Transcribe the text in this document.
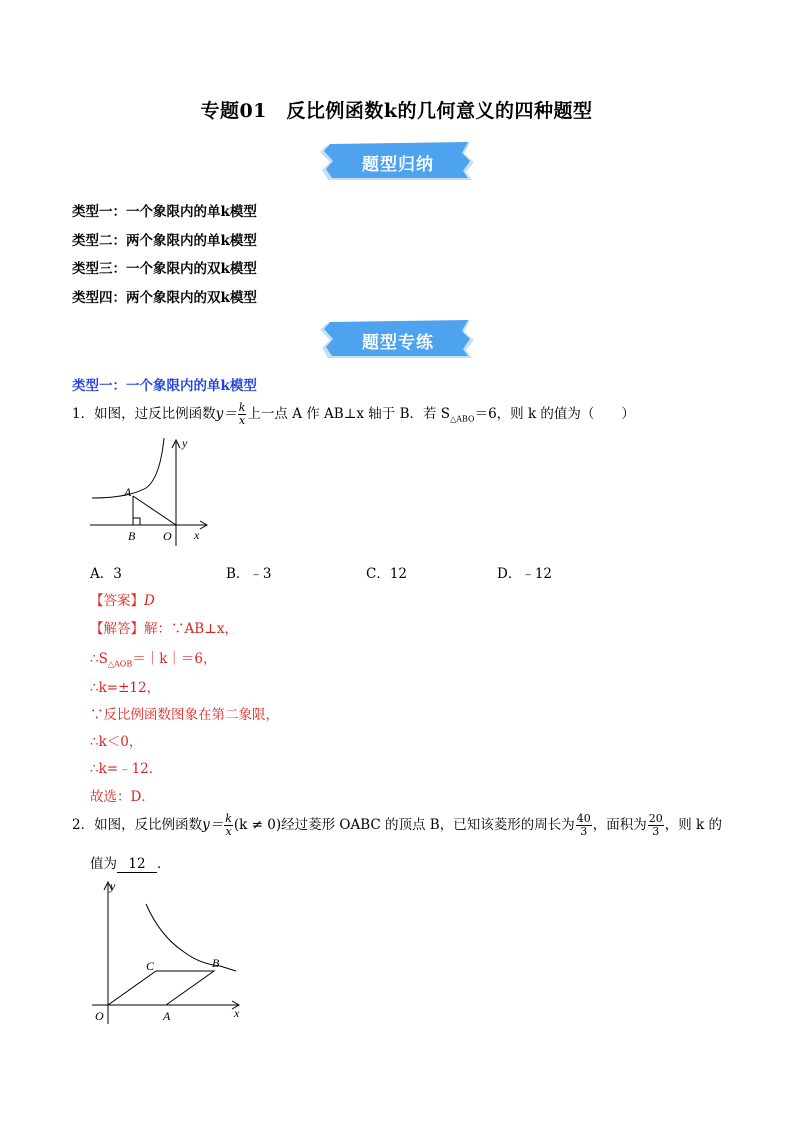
专题01　反比例函数k的几何意义的四种题型
题型归纳
类型一：一个象限内的单k模型
类型二：两个象限内的单k模型
类型三：一个象限内的双k模型
类型四：两个象限内的双k模型
题型专练
类型一：一个象限内的单k模型
1．如图，过反比例函数$y= \frac{k}{x}$ 上一点 A 作 AB⊥x 轴于 B．若 $S_{\triangle ABO}=6$，则 k 的值为（　　）
A
B O x
y
A．3	B．﹣3	C．12	D．﹣12
【答案】D
【解答】解：∵AB⊥x，
$\therefore S_{\triangle AOB}=|k|=6$，
∴k=±12，
∵反比例函数图象在第二象限，
∴k＜0，
∴k=﹣12．
故选：D．
2．如图，反比例函数$y= \frac{k}{x} (k \ne 0)$经过菱形 OABC 的顶点 B，已知该菱形的周长为 $\frac{40}{3}$ ，面积为 $\frac{20}{3}$ ，则 k 的
值为 12 ．
y
C	B
O	A	x
